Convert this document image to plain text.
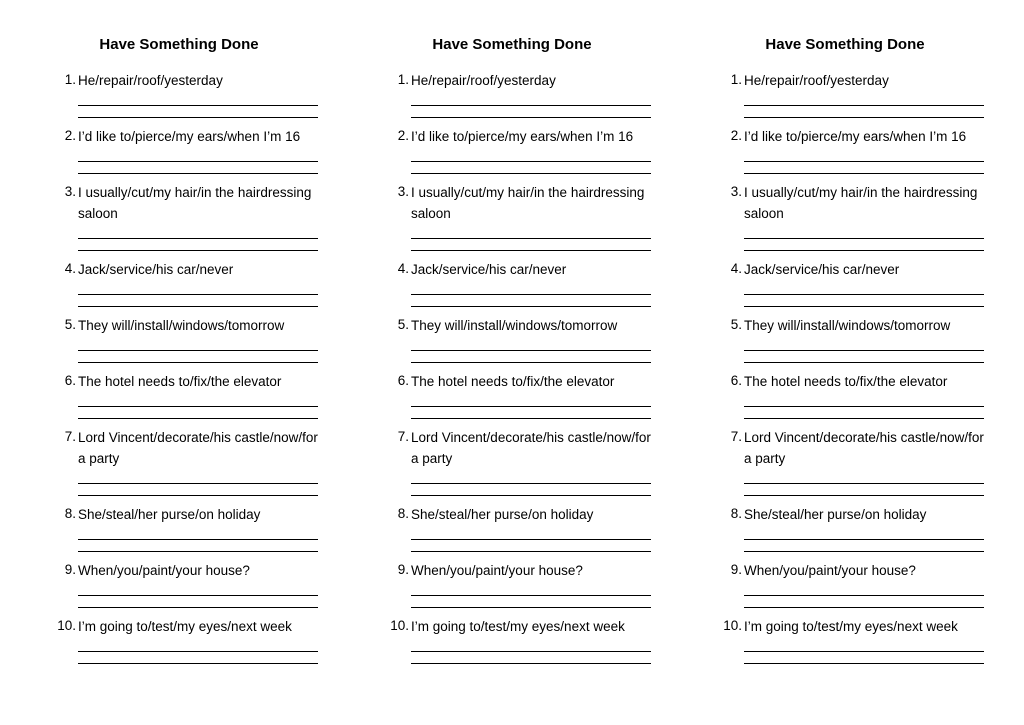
Have Something Done
1. He/repair/roof/yesterday
2. I’d like to/pierce/my ears/when I’m 16
3. I usually/cut/my hair/in the hairdressing saloon
4. Jack/service/his car/never
5. They will/install/windows/tomorrow
6. The hotel needs to/fix/the elevator
7. Lord Vincent/decorate/his castle/now/for a party
8. She/steal/her purse/on holiday
9. When/you/paint/your house?
10. I’m going to/test/my eyes/next week
Have Something Done
1. He/repair/roof/yesterday
2. I’d like to/pierce/my ears/when I’m 16
3. I usually/cut/my hair/in the hairdressing saloon
4. Jack/service/his car/never
5. They will/install/windows/tomorrow
6. The hotel needs to/fix/the elevator
7. Lord Vincent/decorate/his castle/now/for a party
8. She/steal/her purse/on holiday
9. When/you/paint/your house?
10. I’m going to/test/my eyes/next week
Have Something Done
1. He/repair/roof/yesterday
2. I’d like to/pierce/my ears/when I’m 16
3. I usually/cut/my hair/in the hairdressing saloon
4. Jack/service/his car/never
5. They will/install/windows/tomorrow
6. The hotel needs to/fix/the elevator
7. Lord Vincent/decorate/his castle/now/for a party
8. She/steal/her purse/on holiday
9. When/you/paint/your house?
10. I’m going to/test/my eyes/next week
